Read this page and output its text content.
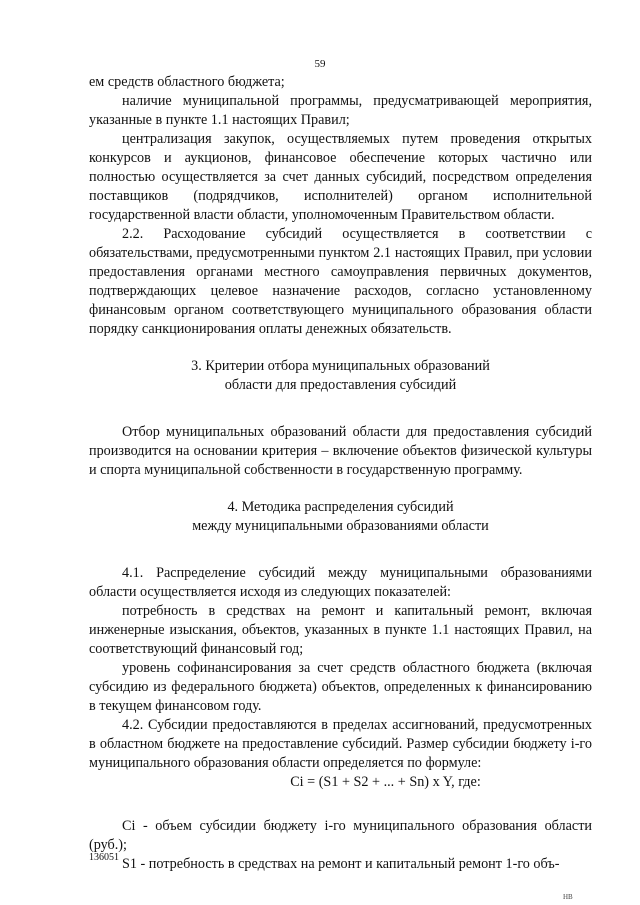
59

ем средств областного бюджета;

наличие муниципальной программы, предусматривающей мероприятия, указанные в пункте 1.1 настоящих Правил;

централизация закупок, осуществляемых путем проведения открытых конкурсов и аукционов, финансовое обеспечение которых частично или полностью осуществляется за счет данных субсидий, посредством определения поставщиков (подрядчиков, исполнителей) органом исполнительной государственной власти области, уполномоченным Правительством области.

2.2. Расходование субсидий осуществляется в соответствии с обязательствами, предусмотренными пунктом 2.1 настоящих Правил, при условии предоставления органами местного самоуправления первичных документов, подтверждающих целевое назначение расходов, согласно установленному финансовым органом соответствующего муниципального образования области порядку санкционирования оплаты денежных обязательств.

3. Критерии отбора муниципальных образований

области для предоставления субсидий

Отбор муниципальных образований области для предоставления субсидий производится на основании критерия – включение объектов физической культуры и спорта муниципальной собственности в государственную программу.

4. Методика распределения субсидий

между муниципальными образованиями области

4.1. Распределение субсидий между муниципальными образованиями области осуществляется исходя из следующих показателей:

потребность в средствах на ремонт и капитальный ремонт, включая инженерные изыскания, объектов, указанных в пункте 1.1 настоящих Правил, на соответствующий финансовый год;

уровень софинансирования за счет средств областного бюджета (включая субсидию из федерального бюджета) объектов, определенных к финансированию в текущем финансовом году.

4.2. Субсидии предоставляются в пределах ассигнований, предусмотренных в областном бюджете на предоставление субсидий. Размер субсидии бюджету i-го муниципального образования области определяется по формуле:

Ci = (S1 + S2 + ... + Sn) x Y, где:

Ci - объем субсидии бюджету i-го муниципального образования области (руб.);

S1 - потребность в средствах на ремонт и капитальный ремонт 1-го объ-

136051
НВ
